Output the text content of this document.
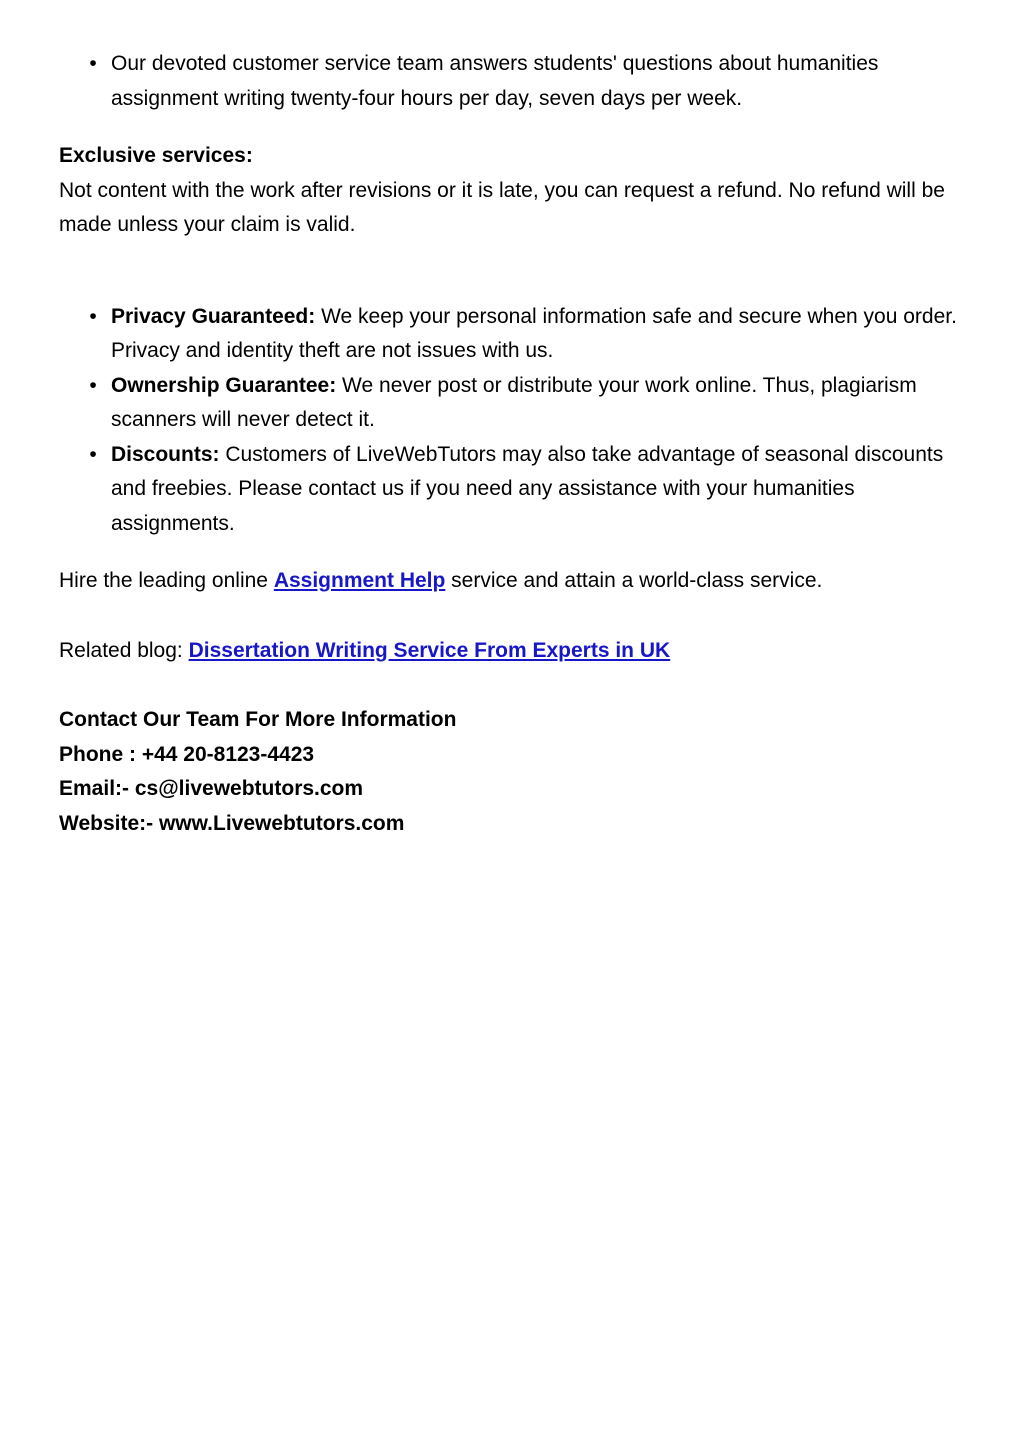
• Our devoted customer service team answers students' questions about humanities assignment writing twenty-four hours per day, seven days per week.

Exclusive services:

Not content with the work after revisions or it is late, you can request a refund. No refund will be made unless your claim is valid.

• Privacy Guaranteed: We keep your personal information safe and secure when you order. Privacy and identity theft are not issues with us.
• Ownership Guarantee: We never post or distribute your work online. Thus, plagiarism scanners will never detect it.
• Discounts: Customers of LiveWebTutors may also take advantage of seasonal discounts and freebies. Please contact us if you need any assistance with your humanities assignments.

Hire the leading online Assignment Help service and attain a world-class service.

Related blog: Dissertation Writing Service From Experts in UK

Contact Our Team For More Information

Phone : +44 20-8123-4423

Email:- cs@livewebtutors.com

Website:- www.Livewebtutors.com
